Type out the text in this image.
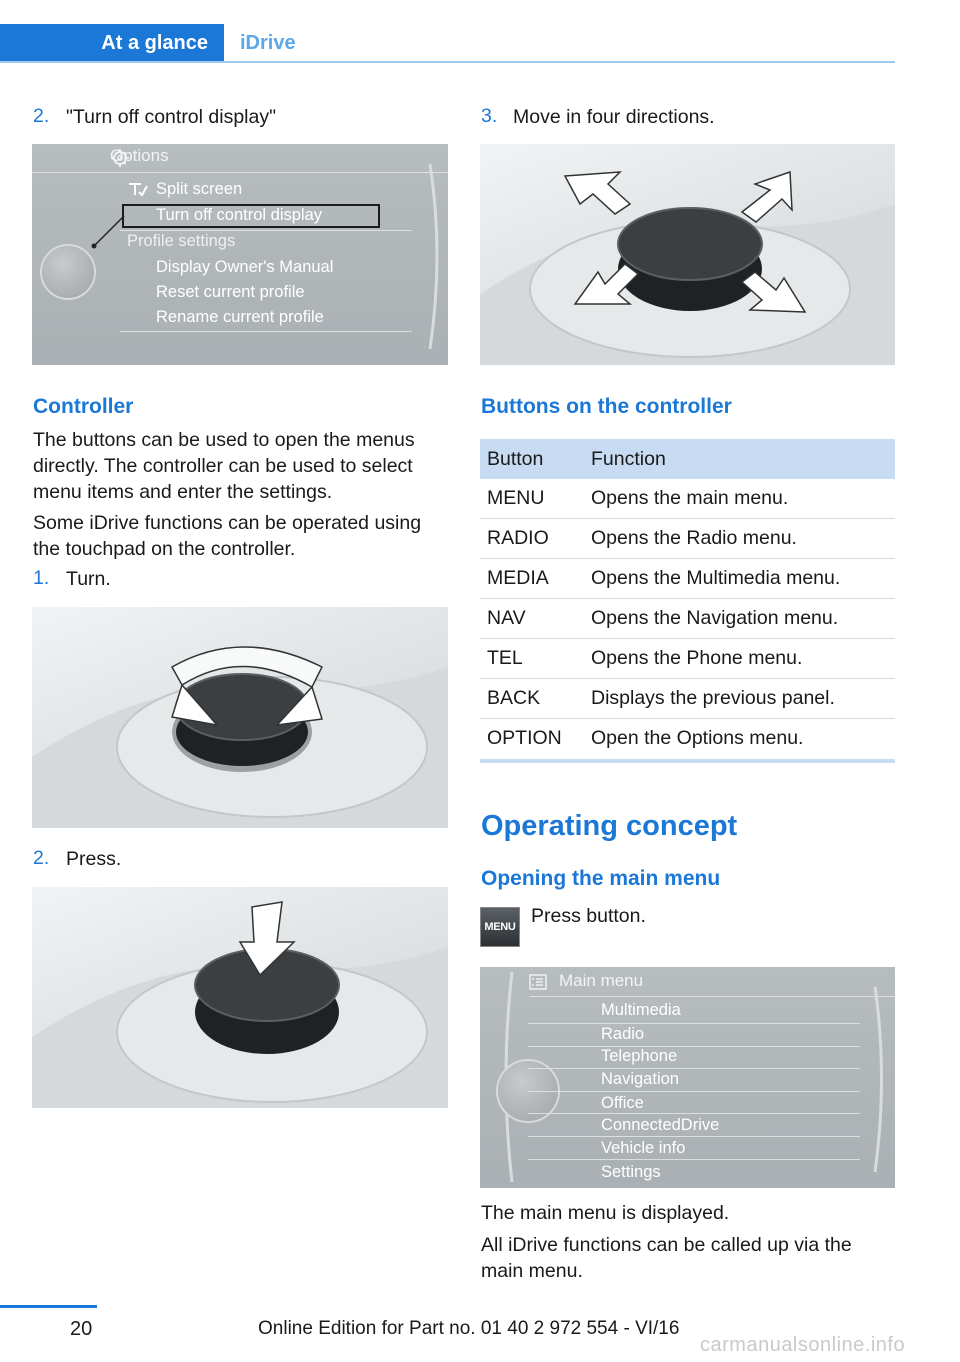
At a glance	iDrive
2. "Turn off control display"
Options
Split screen
Turn off control display
Profile settings
Display Owner's Manual
Reset current profile
Rename current profile
Controller
The buttons can be used to open the menus directly. The controller can be used to select menu items and enter the settings.
Some iDrive functions can be operated using the touchpad on the controller.
1. Turn.
2. Press.
3. Move in four directions.
Buttons on the controller
Button	Function
MENU	Opens the main menu.
RADIO	Opens the Radio menu.
MEDIA	Opens the Multimedia menu.
NAV	Opens the Navigation menu.
TEL	Opens the Phone menu.
BACK	Displays the previous panel.
OPTION	Open the Options menu.
Operating concept
Opening the main menu
MENU Press button.
Main menu
Multimedia
Radio
Telephone
Navigation
Office
ConnectedDrive
Vehicle info
Settings
The main menu is displayed.
All iDrive functions can be called up via the main menu.
20	Online Edition for Part no. 01 40 2 972 554 - VI/16
carmanualsonline.info
